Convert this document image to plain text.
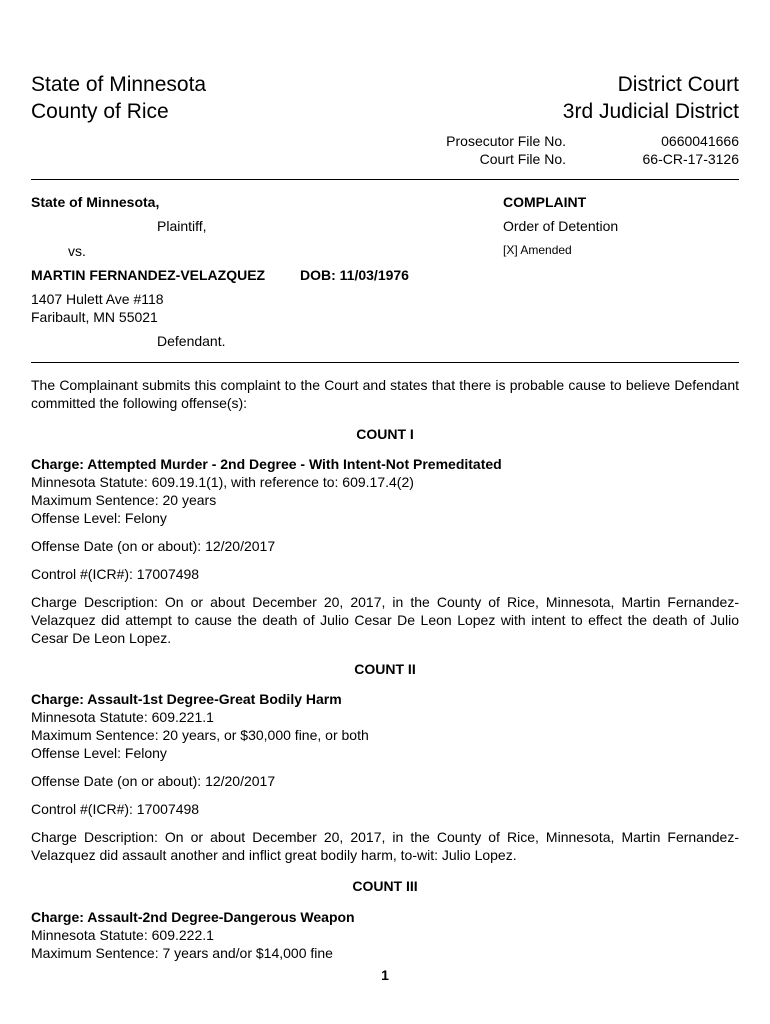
State of Minnesota
County of Rice
District Court
3rd Judicial District
Prosecutor File No.	0660041666
Court File No.	66-CR-17-3126
State of Minnesota,
Plaintiff,
vs.
MARTIN FERNANDEZ-VELAZQUEZ DOB: 11/03/1976
1407 Hulett Ave #118
Faribault, MN 55021
Defendant.
COMPLAINT
Order of Detention
[X] Amended
The Complainant submits this complaint to the Court and states that there is probable cause to believe Defendant committed the following offense(s):
COUNT I
Charge: Attempted Murder - 2nd Degree - With Intent-Not Premeditated
Minnesota Statute: 609.19.1(1), with reference to: 609.17.4(2)
Maximum Sentence: 20 years
Offense Level: Felony
Offense Date (on or about): 12/20/2017
Control #(ICR#): 17007498
Charge Description: On or about December 20, 2017, in the County of Rice, Minnesota, Martin Fernandez-Velazquez did attempt to cause the death of Julio Cesar De Leon Lopez with intent to effect the death of Julio Cesar De Leon Lopez.
COUNT II
Charge: Assault-1st Degree-Great Bodily Harm
Minnesota Statute: 609.221.1
Maximum Sentence: 20 years, or $30,000 fine, or both
Offense Level: Felony
Offense Date (on or about): 12/20/2017
Control #(ICR#): 17007498
Charge Description: On or about December 20, 2017, in the County of Rice, Minnesota, Martin Fernandez-Velazquez did assault another and inflict great bodily harm, to-wit: Julio Lopez.
COUNT III
Charge: Assault-2nd Degree-Dangerous Weapon
Minnesota Statute: 609.222.1
Maximum Sentence: 7 years and/or $14,000 fine
1
